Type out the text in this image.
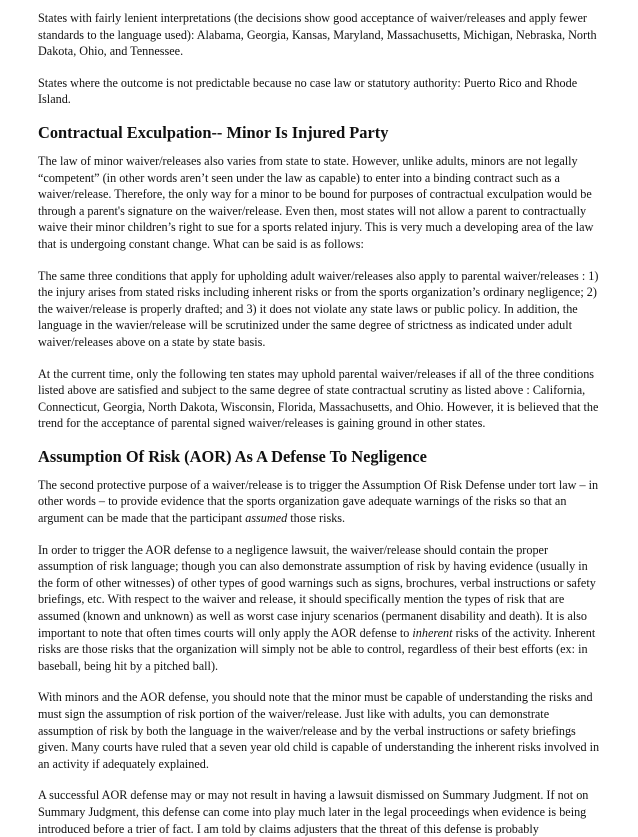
States with fairly lenient interpretations (the decisions show good acceptance of waiver/releases and apply fewer standards to the language used): Alabama, Georgia, Kansas, Maryland, Massachusetts, Michigan, Nebraska, North Dakota, Ohio, and Tennessee.

States where the outcome is not predictable because no case law or statutory authority: Puerto Rico and Rhode Island.

Contractual Exculpation-- Minor Is Injured Party

The law of minor waiver/releases also varies from state to state. However, unlike adults, minors are not legally “competent” (in other words aren’t seen under the law as capable) to enter into a binding contract such as a waiver/release. Therefore, the only way for a minor to be bound for purposes of contractual exculpation would be through a parent's signature on the waiver/release. Even then, most states will not allow a parent to contractually waive their minor children’s right to sue for a sports related injury. This is very much a developing area of the law that is undergoing constant change. What can be said is as follows:

The same three conditions that apply for upholding adult waiver/releases also apply to parental waiver/releases : 1) the injury arises from stated risks including inherent risks or from the sports organization’s ordinary negligence; 2) the waiver/release is properly drafted; and 3) it does not violate any state laws or public policy. In addition, the language in the wavier/release will be scrutinized under the same degree of strictness as indicated under adult waiver/releases above on a state by state basis.

At the current time, only the following ten states may uphold parental waiver/releases if all of the three conditions listed above are satisfied and subject to the same degree of state contractual scrutiny as listed above : California, Connecticut, Georgia, North Dakota, Wisconsin, Florida, Massachusetts, and Ohio. However, it is believed that the trend for the acceptance of parental signed waiver/releases is gaining ground in other states.

Assumption Of Risk (AOR) As A Defense To Negligence

The second protective purpose of a waiver/release is to trigger the Assumption Of Risk Defense under tort law – in other words – to provide evidence that the sports organization gave adequate warnings of the risks so that an argument can be made that the participant assumed those risks.

In order to trigger the AOR defense to a negligence lawsuit, the waiver/release should contain the proper assumption of risk language; though you can also demonstrate assumption of risk by having evidence (usually in the form of other witnesses) of other types of good warnings such as signs, brochures, verbal instructions or safety briefings, etc. With respect to the waiver and release, it should specifically mention the types of risk that are assumed (known and unknown) as well as worst case injury scenarios (permanent disability and death). It is also important to note that often times courts will only apply the AOR defense to inherent risks of the activity. Inherent risks are those risks that the organization will simply not be able to control, regardless of their best efforts (ex: in baseball, being hit by a pitched ball).

With minors and the AOR defense, you should note that the minor must be capable of understanding the risks and must sign the assumption of risk portion of the waiver/release. Just like with adults, you can demonstrate assumption of risk by both the language in the waiver/release and by the verbal instructions or safety briefings given. Many courts have ruled that a seven year old child is capable of understanding the inherent risks involved in an activity if adequately explained.

A successful AOR defense may or may not result in having a lawsuit dismissed on Summary Judgment. If not on Summary Judgment, this defense can come into play much later in the legal proceedings when evidence is being introduced before a trier of fact. I am told by claims adjusters that the threat of this defense is probably
